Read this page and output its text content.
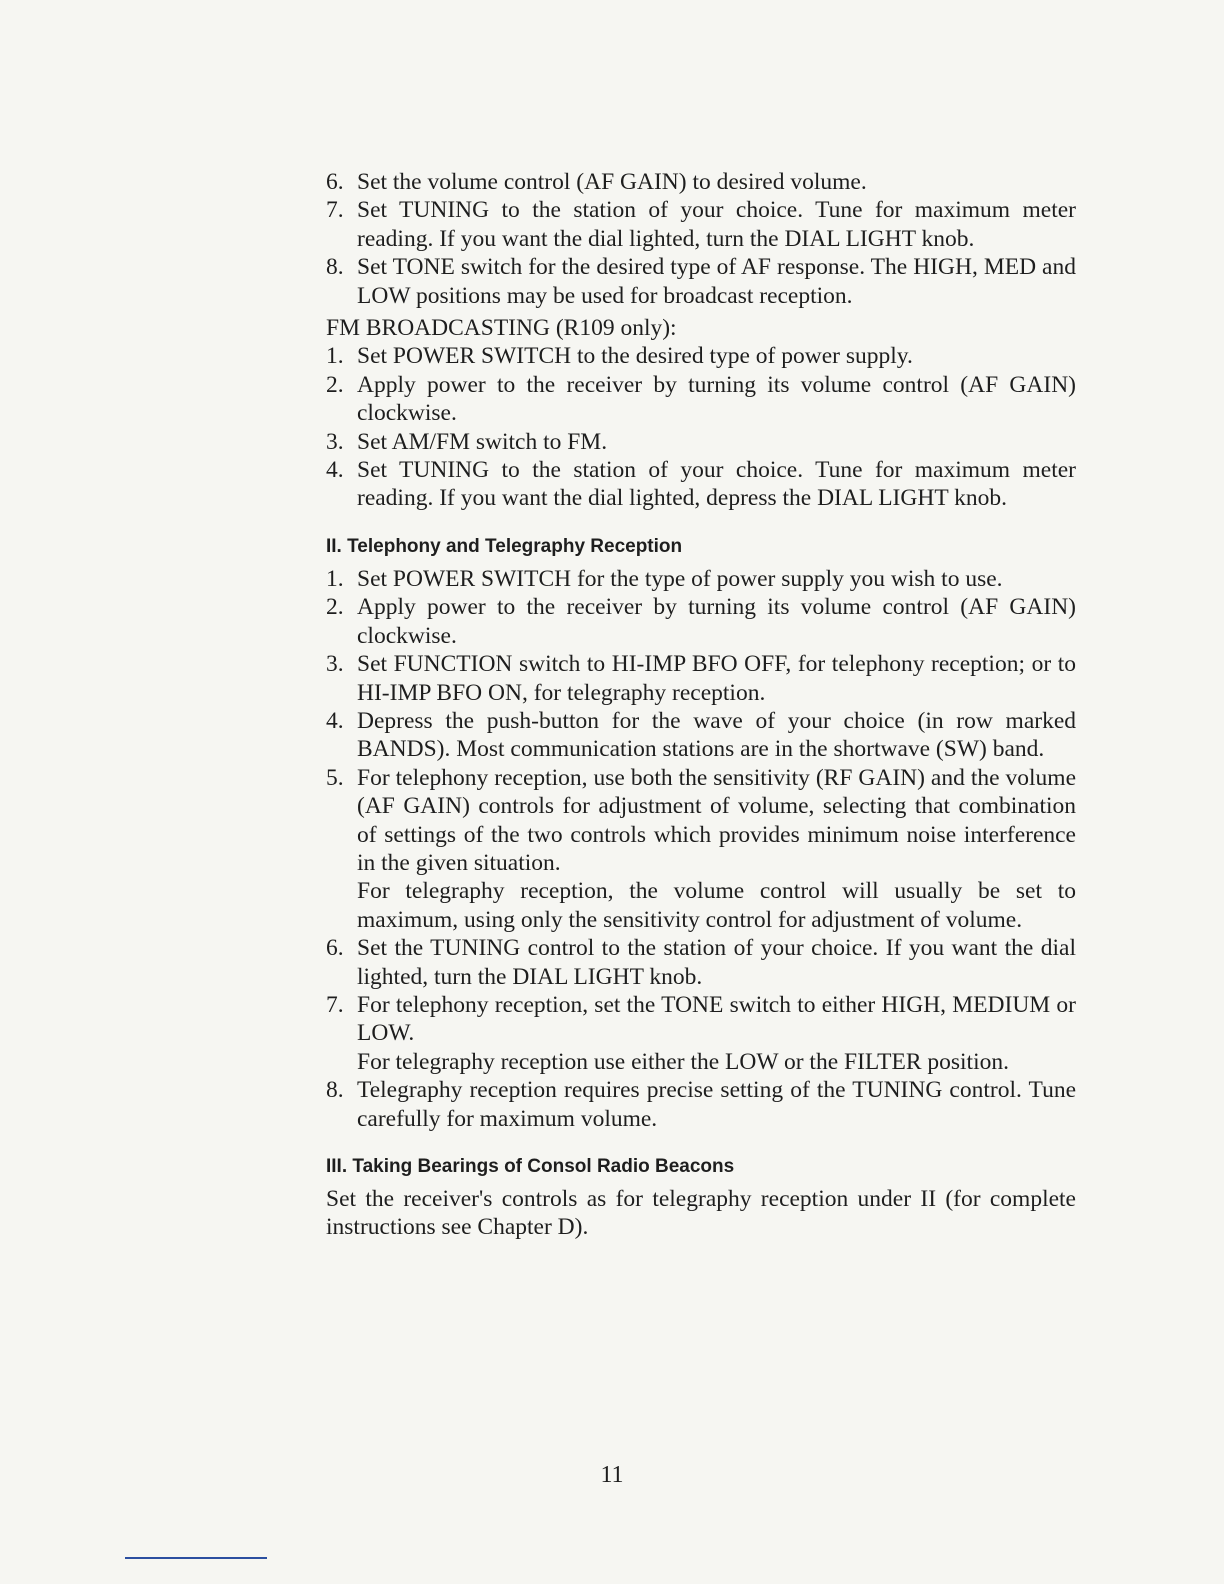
6. Set the volume control (AF GAIN) to desired volume.
7. Set TUNING to the station of your choice. Tune for maximum meter reading. If you want the dial lighted, turn the DIAL LIGHT knob.
8. Set TONE switch for the desired type of AF response. The HIGH, MED and LOW positions may be used for broadcast reception.
FM BROADCASTING (R109 only):
1. Set POWER SWITCH to the desired type of power supply.
2. Apply power to the receiver by turning its volume control (AF GAIN) clockwise.
3. Set AM/FM switch to FM.
4. Set TUNING to the station of your choice. Tune for maximum meter reading. If you want the dial lighted, depress the DIAL LIGHT knob.
II. Telephony and Telegraphy Reception
1. Set POWER SWITCH for the type of power supply you wish to use.
2. Apply power to the receiver by turning its volume control (AF GAIN) clockwise.
3. Set FUNCTION switch to HI-IMP BFO OFF, for telephony reception; or to HI-IMP BFO ON, for telegraphy reception.
4. Depress the push-button for the wave of your choice (in row marked BANDS). Most communication stations are in the shortwave (SW) band.
5. For telephony reception, use both the sensitivity (RF GAIN) and the volume (AF GAIN) controls for adjustment of volume, selecting that combination of settings of the two controls which provides minimum noise interference in the given situation.
For telegraphy reception, the volume control will usually be set to maximum, using only the sensitivity control for adjustment of volume.
6. Set the TUNING control to the station of your choice. If you want the dial lighted, turn the DIAL LIGHT knob.
7. For telephony reception, set the TONE switch to either HIGH, MEDIUM or LOW.
For telegraphy reception use either the LOW or the FILTER position.
8. Telegraphy reception requires precise setting of the TUNING control. Tune carefully for maximum volume.
III. Taking Bearings of Consol Radio Beacons
Set the receiver's controls as for telegraphy reception under II (for complete instructions see Chapter D).
11
